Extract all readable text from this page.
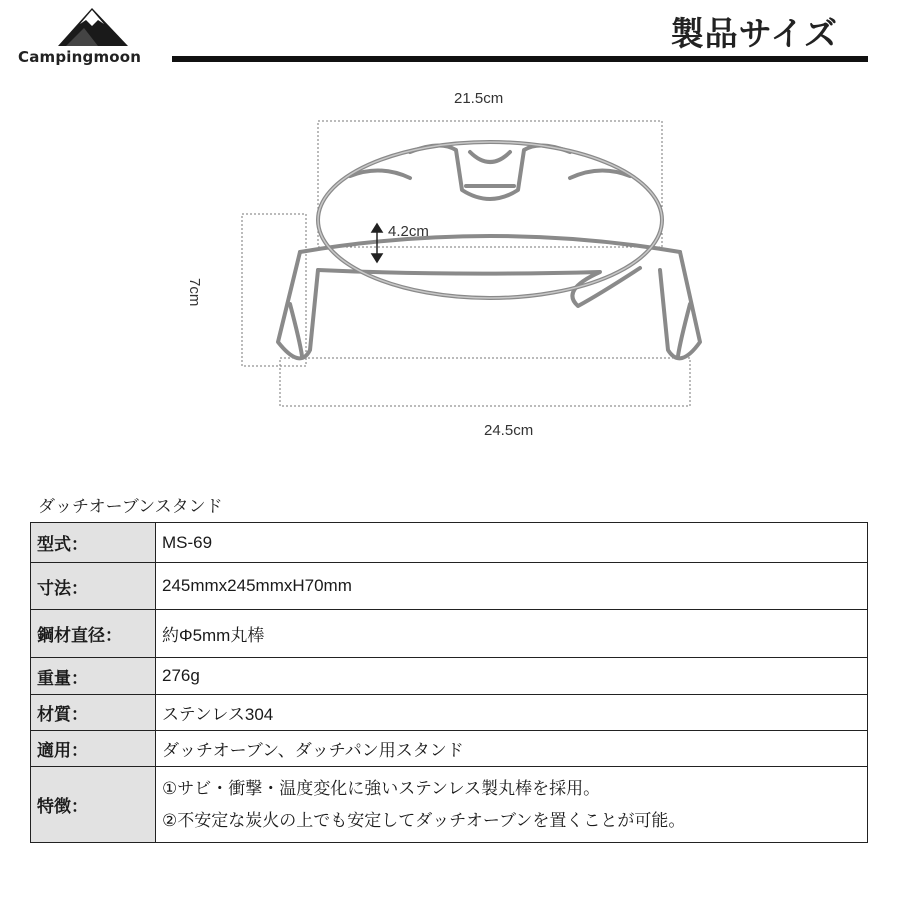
Campingmoon
製品サイズ
21.5cm
4.2cm
7cm
24.5cm
ダッチオーブンスタンド
型式：	MS-69
寸法：	245mmx245mmxH70mm
鋼材直径：	約Φ5mm丸棒
重量：	276g
材質：	ステンレス304
適用：	ダッチオーブン、ダッチパン用スタンド
特徴：	①サビ・衝撃・温度変化に強いステンレス製丸棒を採用。
②不安定な炭火の上でも安定してダッチオーブンを置くことが可能。
